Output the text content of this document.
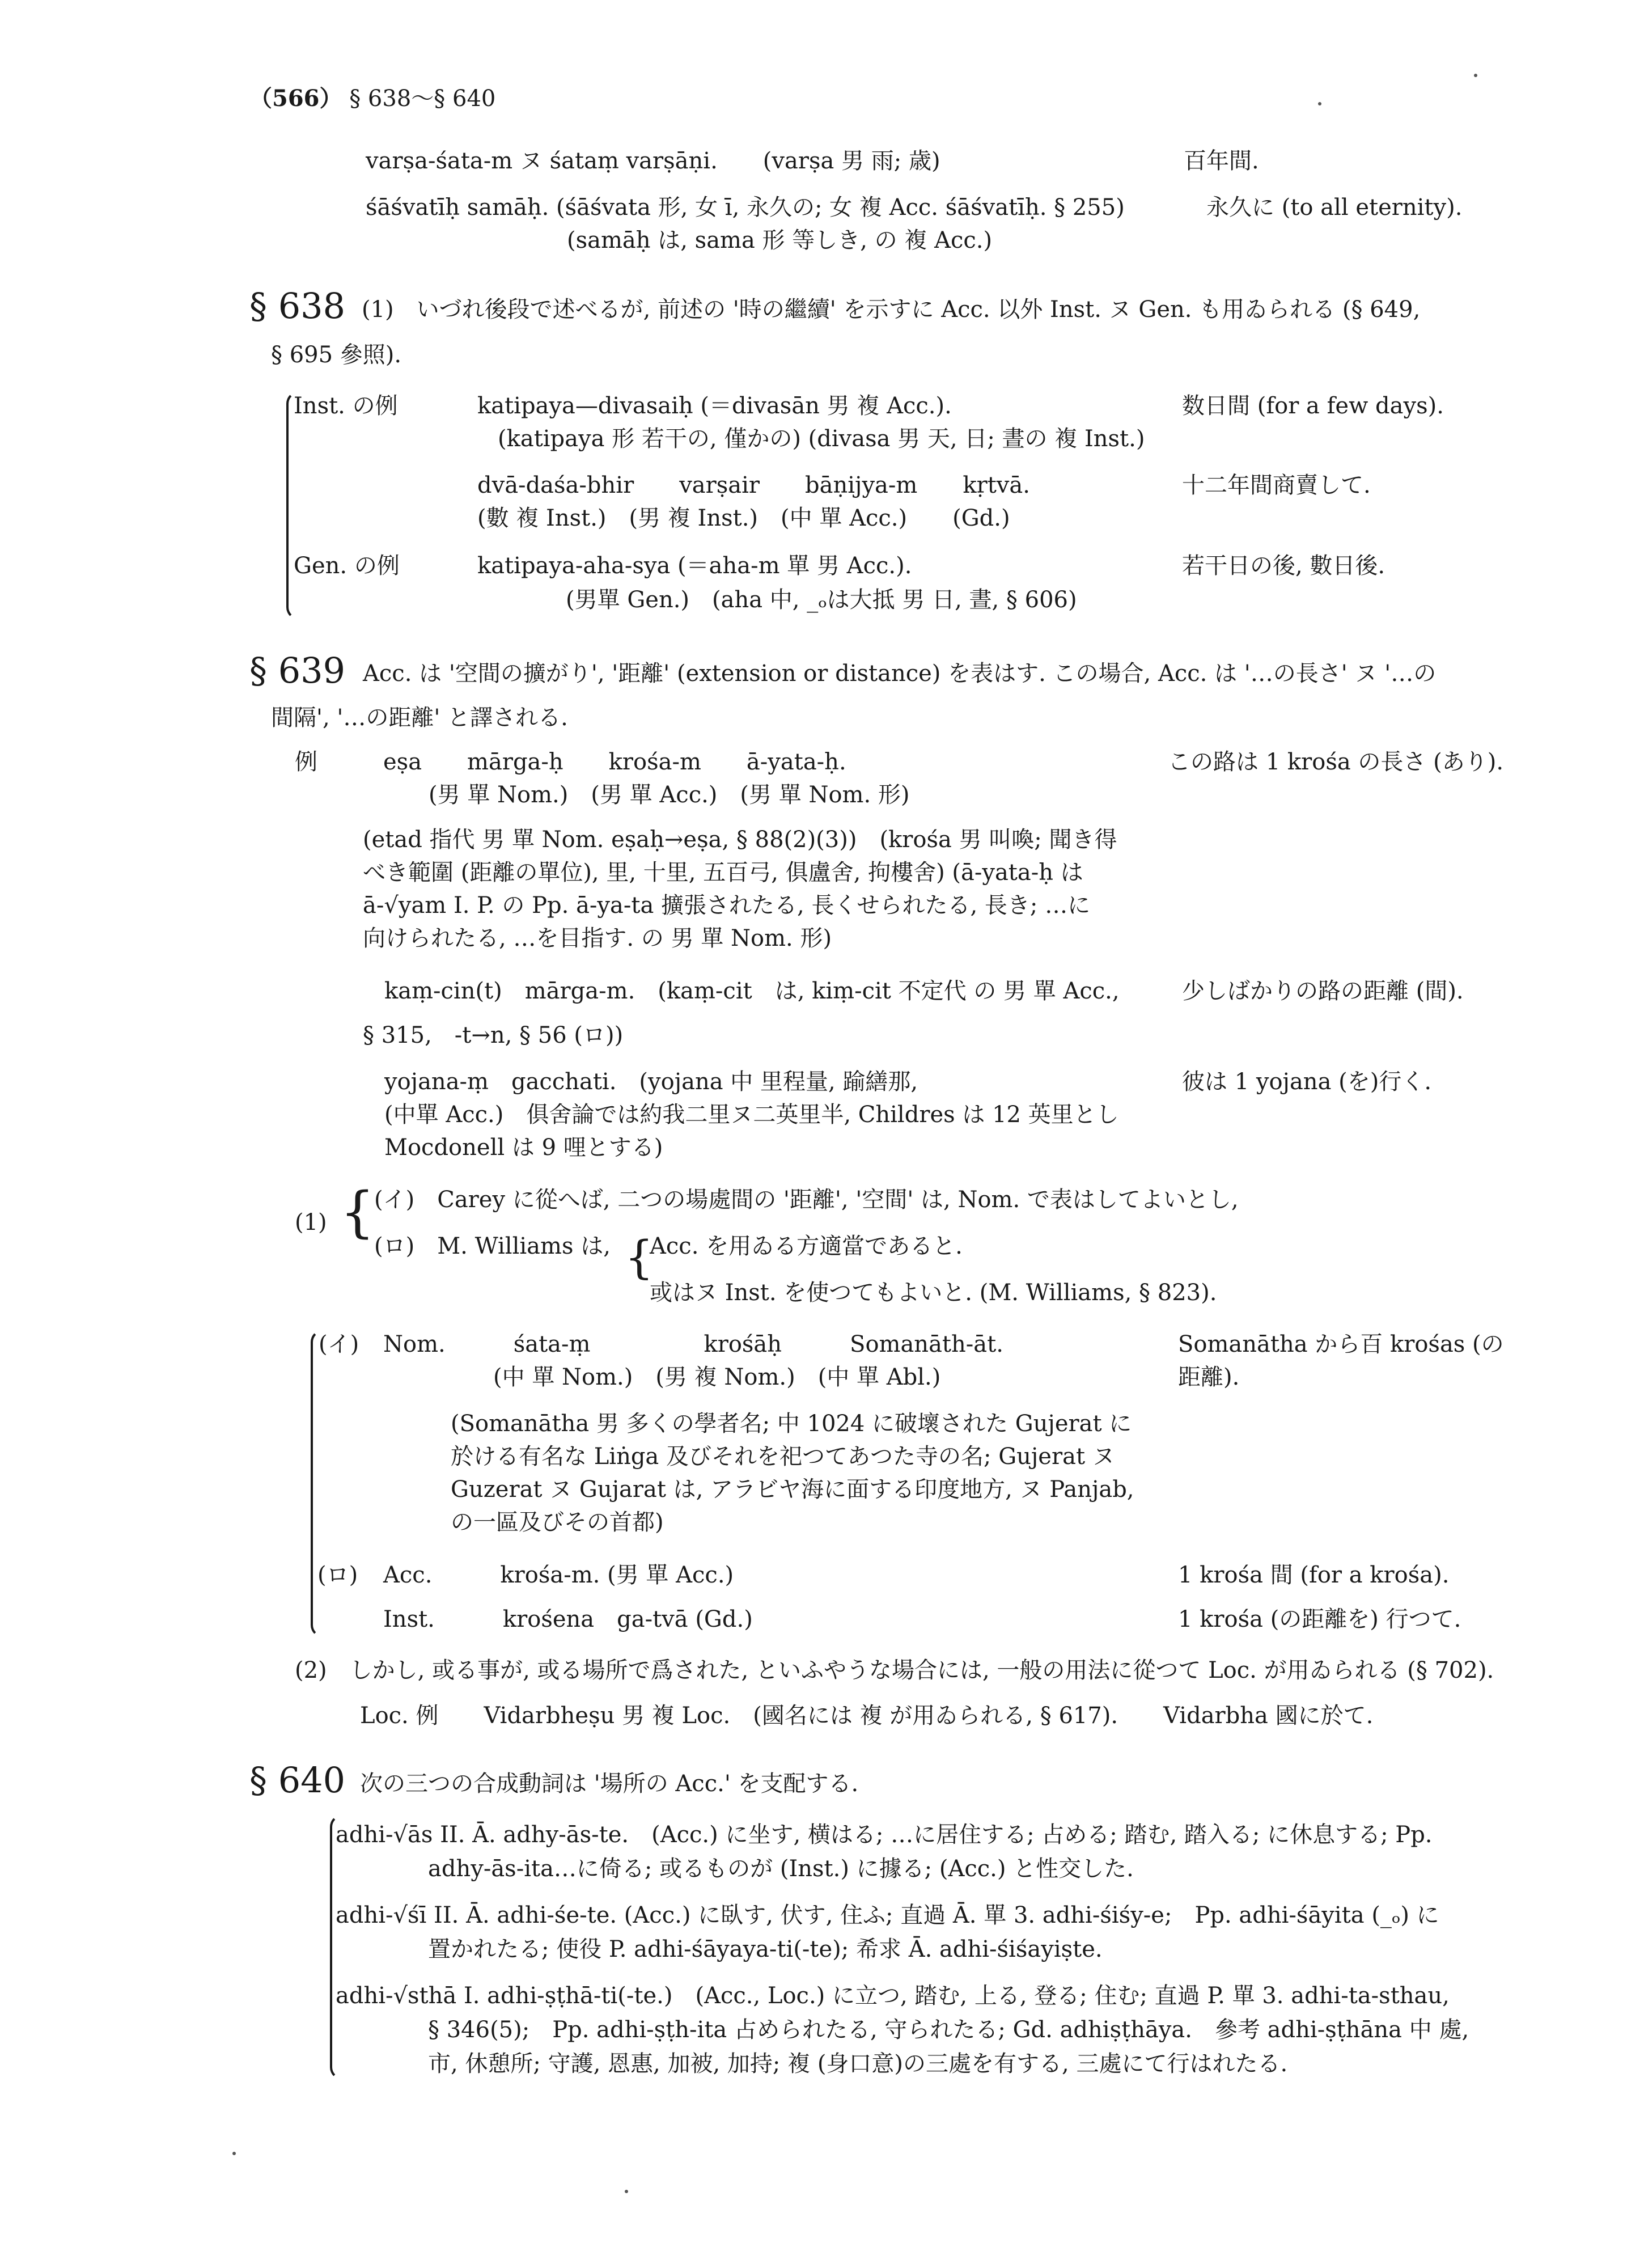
（566） § 638〜§ 640
varṣa-śata-m ヌ śataṃ varṣāṇi.　　(varṣa 男 雨; 歳)	百年間.
śāśvatīḥ samāḥ. (śāśvata 形, 女 ī, 永久の; 女 複 Acc. śāśvatīḥ. § 255)	永久に (to all eternity).
(samāḥ は, sama 形 等しき, の 複 Acc.)
§ 638 (1)　いづれ後段で述べるが, 前述の '時の繼續' を示すに Acc. 以外 Inst. ヌ Gen. も用ゐられる (§ 649,
§ 695 參照).
Inst. の例	katipaya—divasaiḥ (＝divasān 男 複 Acc.).	数日間 (for a few days).
(katipaya 形 若干の, 僅かの) (divasa 男 天, 日; 晝の 複 Inst.)
dvā-daśa-bhir　　varṣair　　bāṇijya-m　　kṛtvā.	十二年間商賣して.
(數 複 Inst.)　(男 複 Inst.)　(中 單 Acc.)　　(Gd.)
Gen. の例	katipaya-aha-sya (＝aha-m 單 男 Acc.).	若干日の後, 數日後.
(男單 Gen.)　(aha 中, _ₒは大抵 男 日, 晝, § 606)
§ 639 Acc. は '空間の擴がり', '距離' (extension or distance) を表はす. この場合, Acc. は '…の長さ' ヌ '…の
間隔', '…の距離' と譯される.
例	eṣa　　mārga-ḥ　　krośa-m　　ā-yata-ḥ.	この路は 1 krośa の長さ (あり).
(男 單 Nom.)　(男 單 Acc.)　(男 單 Nom. 形)
(etad 指代 男 單 Nom. eṣaḥ→eṣa, § 88(2)(3))　(krośa 男 叫喚; 聞き得
べき範圍 (距離の單位), 里, 十里, 五百弓, 俱盧舍, 拘樓舍) (ā-yata-ḥ は
ā-√yam I. P. の Pp. ā-ya-ta 擴張されたる, 長くせられたる, 長き; …に
向けられたる, …を目指す. の 男 單 Nom. 形)
kaṃ-cin(t)　mārga-m.　(kaṃ-cit　は, kiṃ-cit 不定代 の 男 單 Acc.,	少しばかりの路の距離 (間).
§ 315,　-t→n, § 56 (ロ))
yojana-ṃ　gacchati.　(yojana 中 里程量, 踰繕那,	彼は 1 yojana (を)行く.
(中單 Acc.)　俱舍論では約我二里ヌ二英里半, Childres は 12 英里とし
Mocdonell は 9 哩とする)
(1) {
(イ)　Carey に從へば, 二つの場處間の '距離', '空間' は, Nom. で表はしてよいとし,
(ロ)　M. Williams は, {
Acc. を用ゐる方適當であると.
或はヌ Inst. を使つてもよいと. (M. Williams, § 823).
(イ) Nom.　　　śata-ṃ　　　　　krośāḥ　　　Somanāth-āt.	Somanātha から百 krośas (の
距離).
(中 單 Nom.)　(男 複 Nom.)　(中 單 Abl.)
(Somanātha 男 多くの學者名; 中 1024 に破壞された Gujerat に
於ける有名な Liṅga 及びそれを祀つてあつた寺の名; Gujerat ヌ
Guzerat ヌ Gujarat は, アラビヤ海に面する印度地方, ヌ Panjab,
の一區及びその首都)
(ロ) Acc.　　　krośa-m. (男 單 Acc.)	1 krośa 間 (for a krośa).
Inst.　　　krośena　ga-tvā (Gd.)	1 krośa (の距離を) 行つて.
(2)　しかし, 或る事が, 或る場所で爲された, といふやうな場合には, 一般の用法に從つて Loc. が用ゐられる (§ 702).
Loc. 例　　Vidarbheṣu 男 複 Loc.　(國名には 複 が用ゐられる, § 617).　　Vidarbha 國に於て.
§ 640 次の三つの合成動詞は '場所の Acc.' を支配する.
adhi-√ās II. Ā. adhy-ās-te.　(Acc.) に坐す, 横はる; …に居住する; 占める; 踏む, 踏入る; に休息する; Pp.
adhy-ās-ita…に倚る; 或るものが (Inst.) に據る; (Acc.) と性交した.
adhi-√śī II. Ā. adhi-śe-te. (Acc.) に臥す, 伏す, 住ふ; 直過 Ā. 單 3. adhi-śiśy-e;　Pp. adhi-śāyita (_ₒ) に
置かれたる; 使役 P. adhi-śāyaya-ti(-te); 希求 Ā. adhi-śiśayiṣte.
adhi-√sthā I. adhi-ṣṭhā-ti(-te.)　(Acc., Loc.) に立つ, 踏む, 上る, 登る; 住む; 直過 P. 單 3. adhi-ta-sthau,
§ 346(5);　Pp. adhi-ṣṭh-ita 占められたる, 守られたる; Gd. adhiṣṭhāya.　參考 adhi-ṣṭhāna 中 處,
市, 休憩所; 守護, 恩惠, 加被, 加持; 複 (身口意)の三處を有する, 三處にて行はれたる.
